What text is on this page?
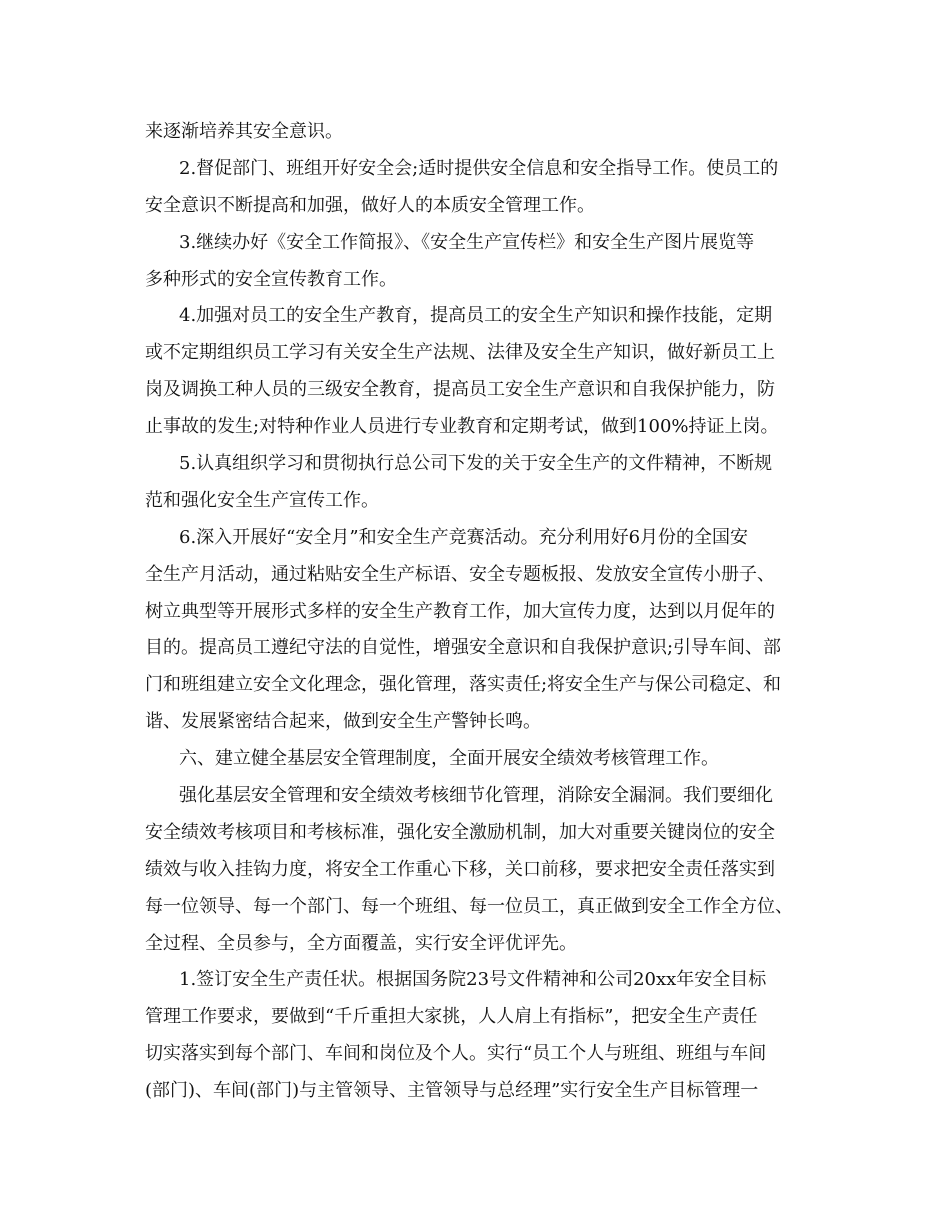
来逐渐培养其安全意识。
2.督促部门、班组开好安全会;适时提供安全信息和安全指导工作。使员工的
安全意识不断提高和加强，做好人的本质安全管理工作。
3.继续办好《安全工作简报》、《安全生产宣传栏》和安全生产图片展览等
多种形式的安全宣传教育工作。
4.加强对员工的安全生产教育，提高员工的安全生产知识和操作技能，定期
或不定期组织员工学习有关安全生产法规、法律及安全生产知识，做好新员工上
岗及调换工种人员的三级安全教育，提高员工安全生产意识和自我保护能力，防
止事故的发生;对特种作业人员进行专业教育和定期考试，做到100%持证上岗。
5.认真组织学习和贯彻执行总公司下发的关于安全生产的文件精神，不断规
范和强化安全生产宣传工作。
6.深入开展好“安全月”和安全生产竞赛活动。充分利用好6月份的全国安
全生产月活动，通过粘贴安全生产标语、安全专题板报、发放安全宣传小册子、
树立典型等开展形式多样的安全生产教育工作，加大宣传力度，达到以月促年的
目的。提高员工遵纪守法的自觉性，增强安全意识和自我保护意识;引导车间、部
门和班组建立安全文化理念，强化管理，落实责任;将安全生产与保公司稳定、和
谐、发展紧密结合起来，做到安全生产警钟长鸣。
六、建立健全基层安全管理制度，全面开展安全绩效考核管理工作。
强化基层安全管理和安全绩效考核细节化管理，消除安全漏洞。我们要细化
安全绩效考核项目和考核标准，强化安全激励机制，加大对重要关键岗位的安全
绩效与收入挂钩力度，将安全工作重心下移，关口前移，要求把安全责任落实到
每一位领导、每一个部门、每一个班组、每一位员工，真正做到安全工作全方位、
全过程、全员参与，全方面覆盖，实行安全评优评先。
1.签订安全生产责任状。根据国务院23号文件精神和公司20xx年安全目标
管理工作要求，要做到“千斤重担大家挑，人人肩上有指标”，把安全生产责任
切实落实到每个部门、车间和岗位及个人。实行“员工个人与班组、班组与车间
(部门)、车间(部门)与主管领导、主管领导与总经理”实行安全生产目标管理一
